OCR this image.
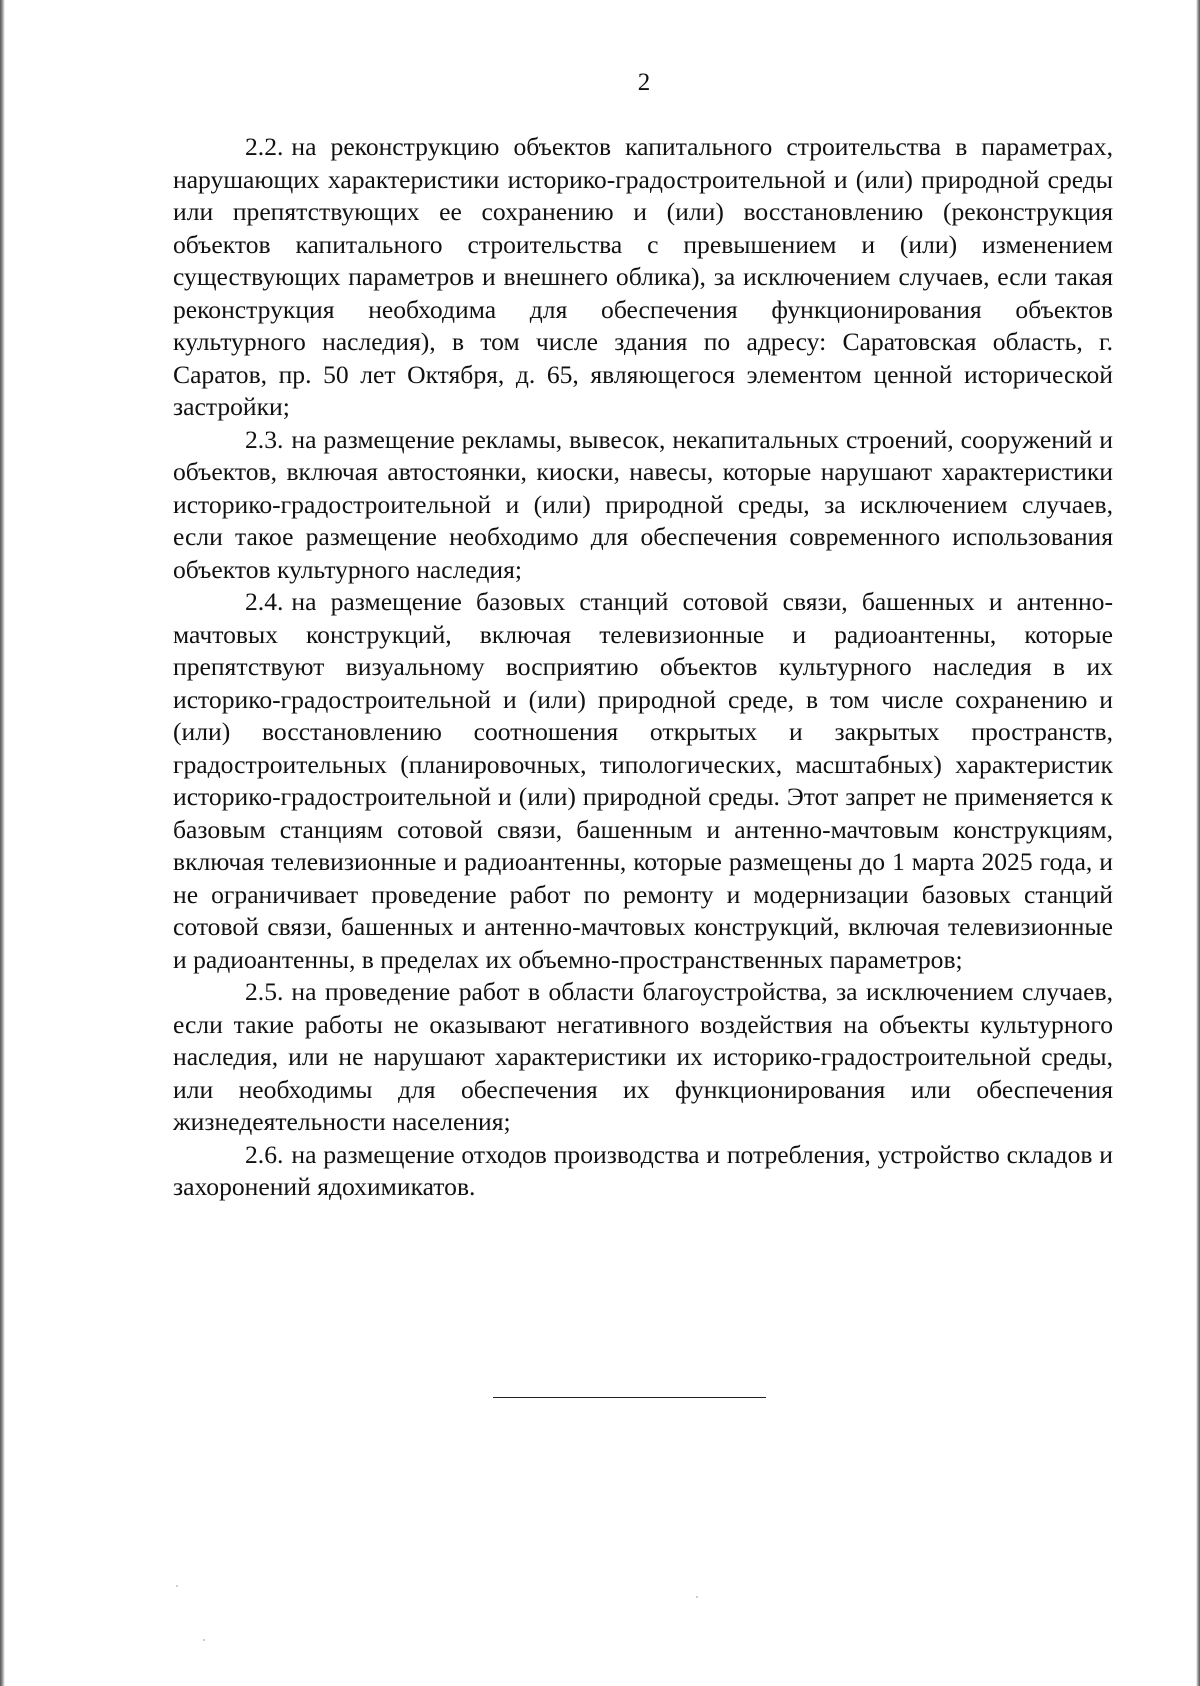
2

2.2. на реконструкцию объектов капитального строительства в параметрах, нарушающих характеристики историко-градостроительной и (или) природной среды или препятствующих ее сохранению и (или) восстановлению (реконструкция объектов капитального строительства с превышением и (или) изменением существующих параметров и внешнего облика), за исключением случаев, если такая реконструкция необходима для обеспечения функционирования объектов культурного наследия), в том числе здания по адресу: Саратовская область, г. Саратов, пр. 50 лет Октября, д. 65, являющегося элементом ценной исторической застройки;

2.3. на размещение рекламы, вывесок, некапитальных строений, сооружений и объектов, включая автостоянки, киоски, навесы, которые нарушают характеристики историко-градостроительной и (или) природной среды, за исключением случаев, если такое размещение необходимо для обеспечения современного использования объектов культурного наследия;

2.4. на размещение базовых станций сотовой связи, башенных и антенно-мачтовых конструкций, включая телевизионные и радиоантенны, которые препятствуют визуальному восприятию объектов культурного наследия в их историко-градостроительной и (или) природной среде, в том числе сохранению и (или) восстановлению соотношения открытых и закрытых пространств, градостроительных (планировочных, типологических, масштабных) характеристик историко-градостроительной и (или) природной среды. Этот запрет не применяется к базовым станциям сотовой связи, башенным и антенно-мачтовым конструкциям, включая телевизионные и радиоантенны, которые размещены до 1 марта 2025 года, и не ограничивает проведение работ по ремонту и модернизации базовых станций сотовой связи, башенных и антенно-мачтовых конструкций, включая телевизионные и радиоантенны, в пределах их объемно-пространственных параметров;

2.5. на проведение работ в области благоустройства, за исключением случаев, если такие работы не оказывают негативного воздействия на объекты культурного наследия, или не нарушают характеристики их историко-градостроительной среды, или необходимы для обеспечения их функционирования или обеспечения жизнедеятельности населения;

2.6. на размещение отходов производства и потребления, устройство складов и захоронений ядохимикатов.
